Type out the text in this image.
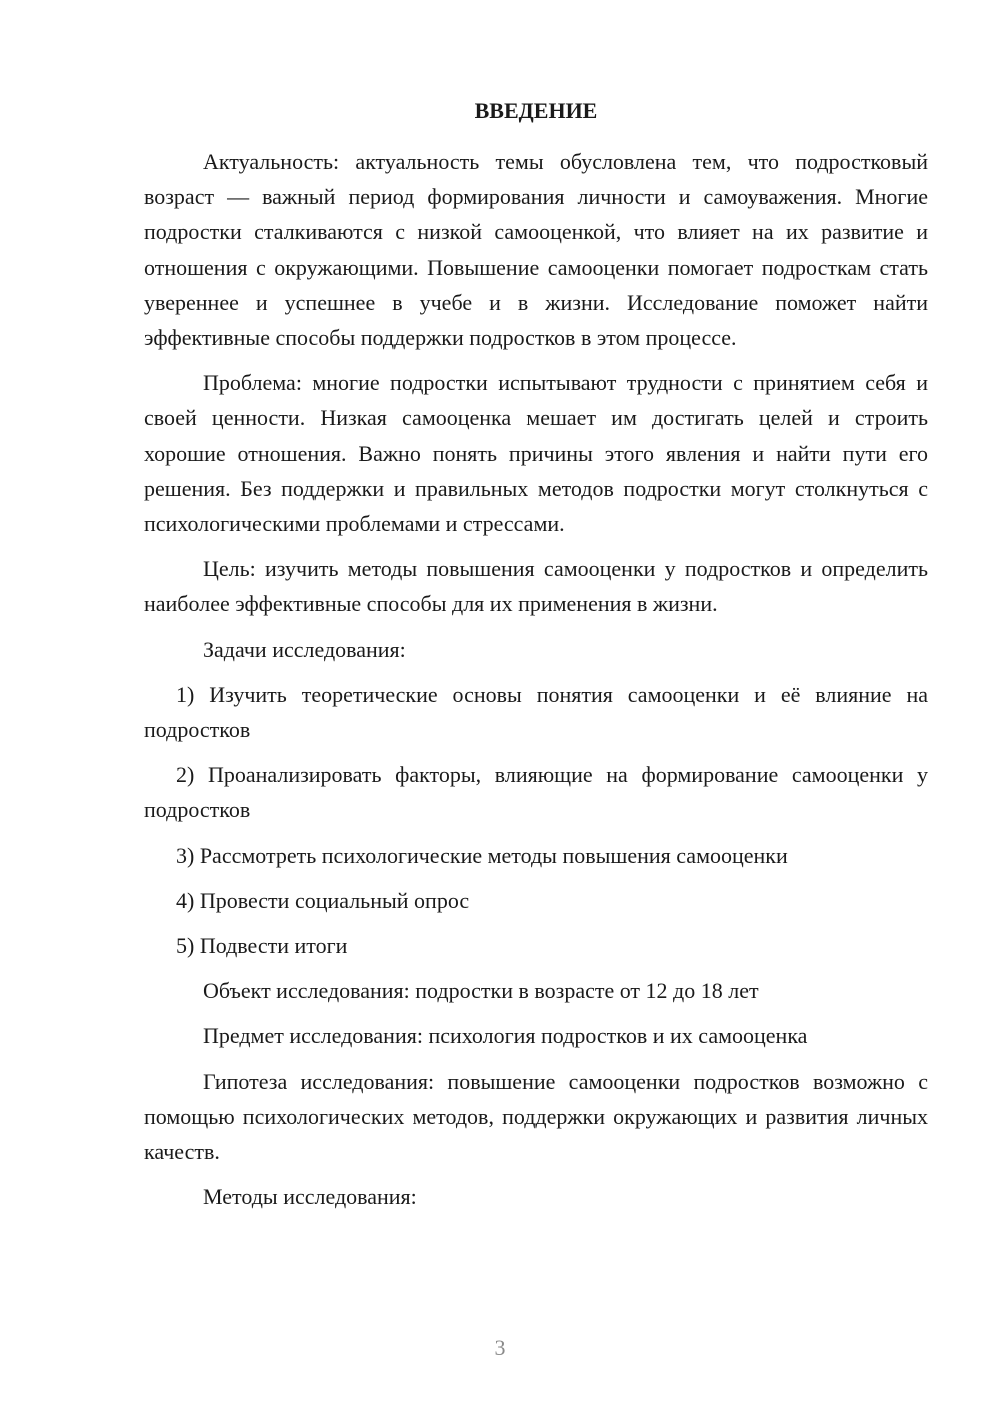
ВВЕДЕНИЕ

Актуальность: актуальность темы обусловлена тем, что подростковый возраст — важный период формирования личности и самоуважения. Многие подростки сталкиваются с низкой самооценкой, что влияет на их развитие и отношения с окружающими. Повышение самооценки помогает подросткам стать увереннее и успешнее в учебе и в жизни. Исследование поможет найти эффективные способы поддержки подростков в этом процессе.

Проблема: многие подростки испытывают трудности с принятием себя и своей ценности. Низкая самооценка мешает им достигать целей и строить хорошие отношения. Важно понять причины этого явления и найти пути его решения. Без поддержки и правильных методов подростки могут столкнуться с психологическими проблемами и стрессами.

Цель: изучить методы повышения самооценки у подростков и определить наиболее эффективные способы для их применения в жизни.

Задачи исследования:

1) Изучить теоретические основы понятия самооценки и её влияние на подростков

2) Проанализировать факторы, влияющие на формирование самооценки у подростков

3) Рассмотреть психологические методы повышения самооценки

4) Провести социальный опрос

5) Подвести итоги

Объект исследования: подростки в возрасте от 12 до 18 лет

Предмет исследования: психология подростков и их самооценка

Гипотеза исследования: повышение самооценки подростков возможно с помощью психологических методов, поддержки окружающих и развития личных качеств.

Методы исследования:

3
